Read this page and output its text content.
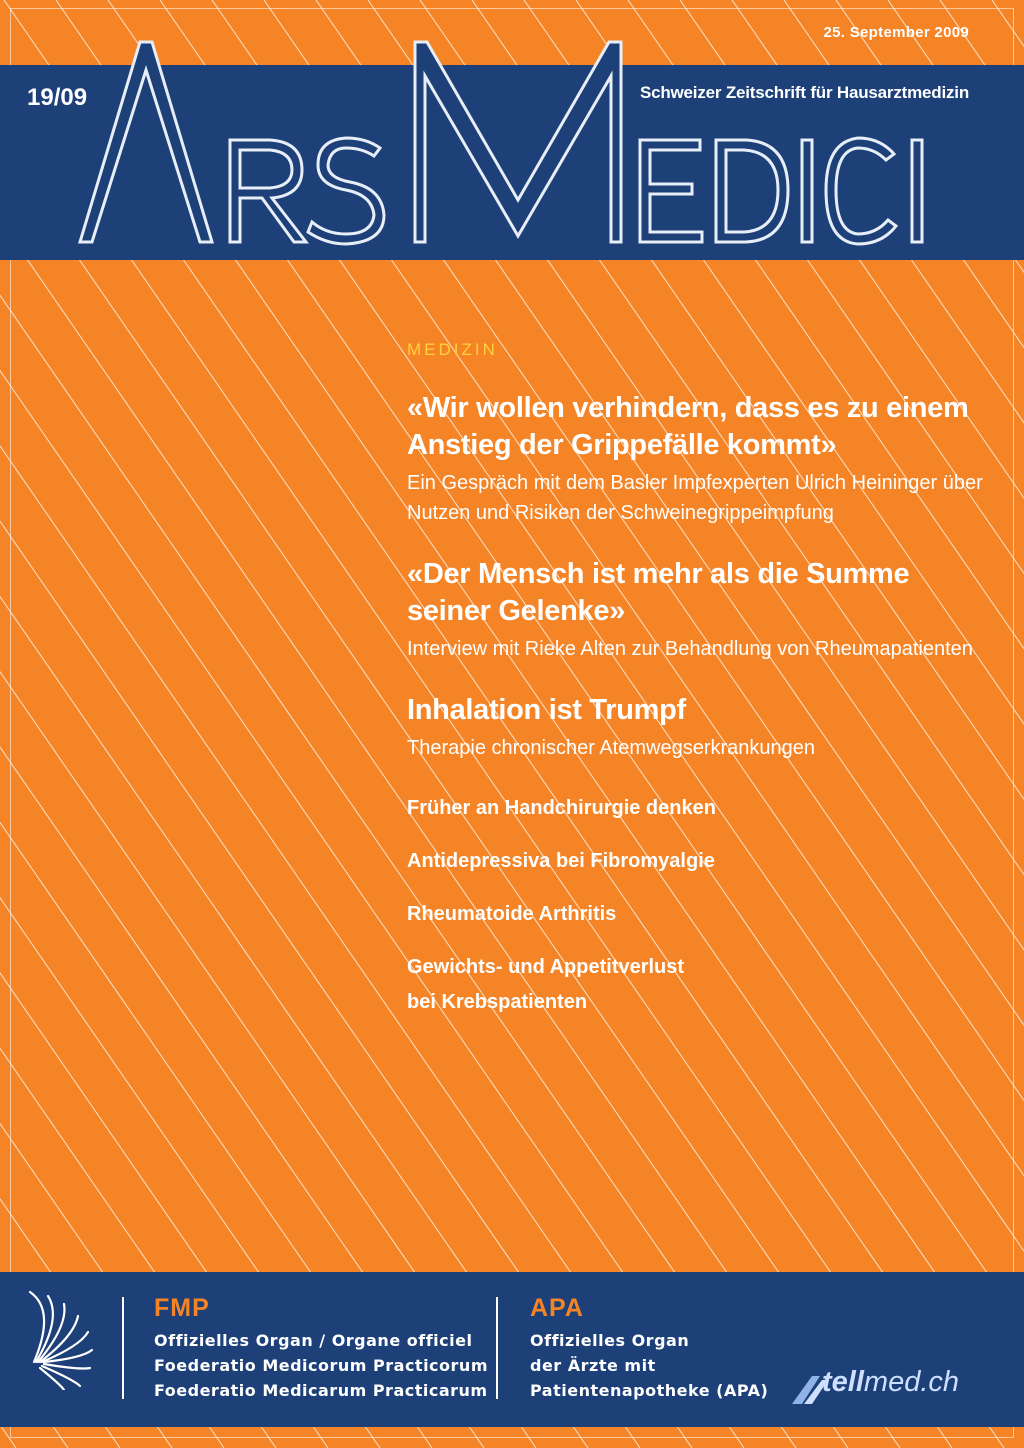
25. September 2009
19/09	Schweizer Zeitschrift für Hausarztmedizin
MEDIZIN
«Wir wollen verhindern, dass es zu einem Anstieg der Grippefälle kommt»
Ein Gespräch mit dem Basler Impfexperten Ulrich Heininger über Nutzen und Risiken der Schweinegrippeimpfung
«Der Mensch ist mehr als die Summe seiner Gelenke»
Interview mit Rieke Alten zur Behandlung von Rheumapatienten
Inhalation ist Trumpf
Therapie chronischer Atemwegserkrankungen
Früher an Handchirurgie denken
Antidepressiva bei Fibromyalgie
Rheumatoide Arthritis
Gewichts- und Appetitverlust bei Krebspatienten
FMP
Offizielles Organ / Organe officiel
Foederatio Medicorum Practicorum
Foederatio Medicarum Practicarum
APA
Offizielles Organ
der Ärzte mit
Patientenapotheke (APA) tellmed.ch
